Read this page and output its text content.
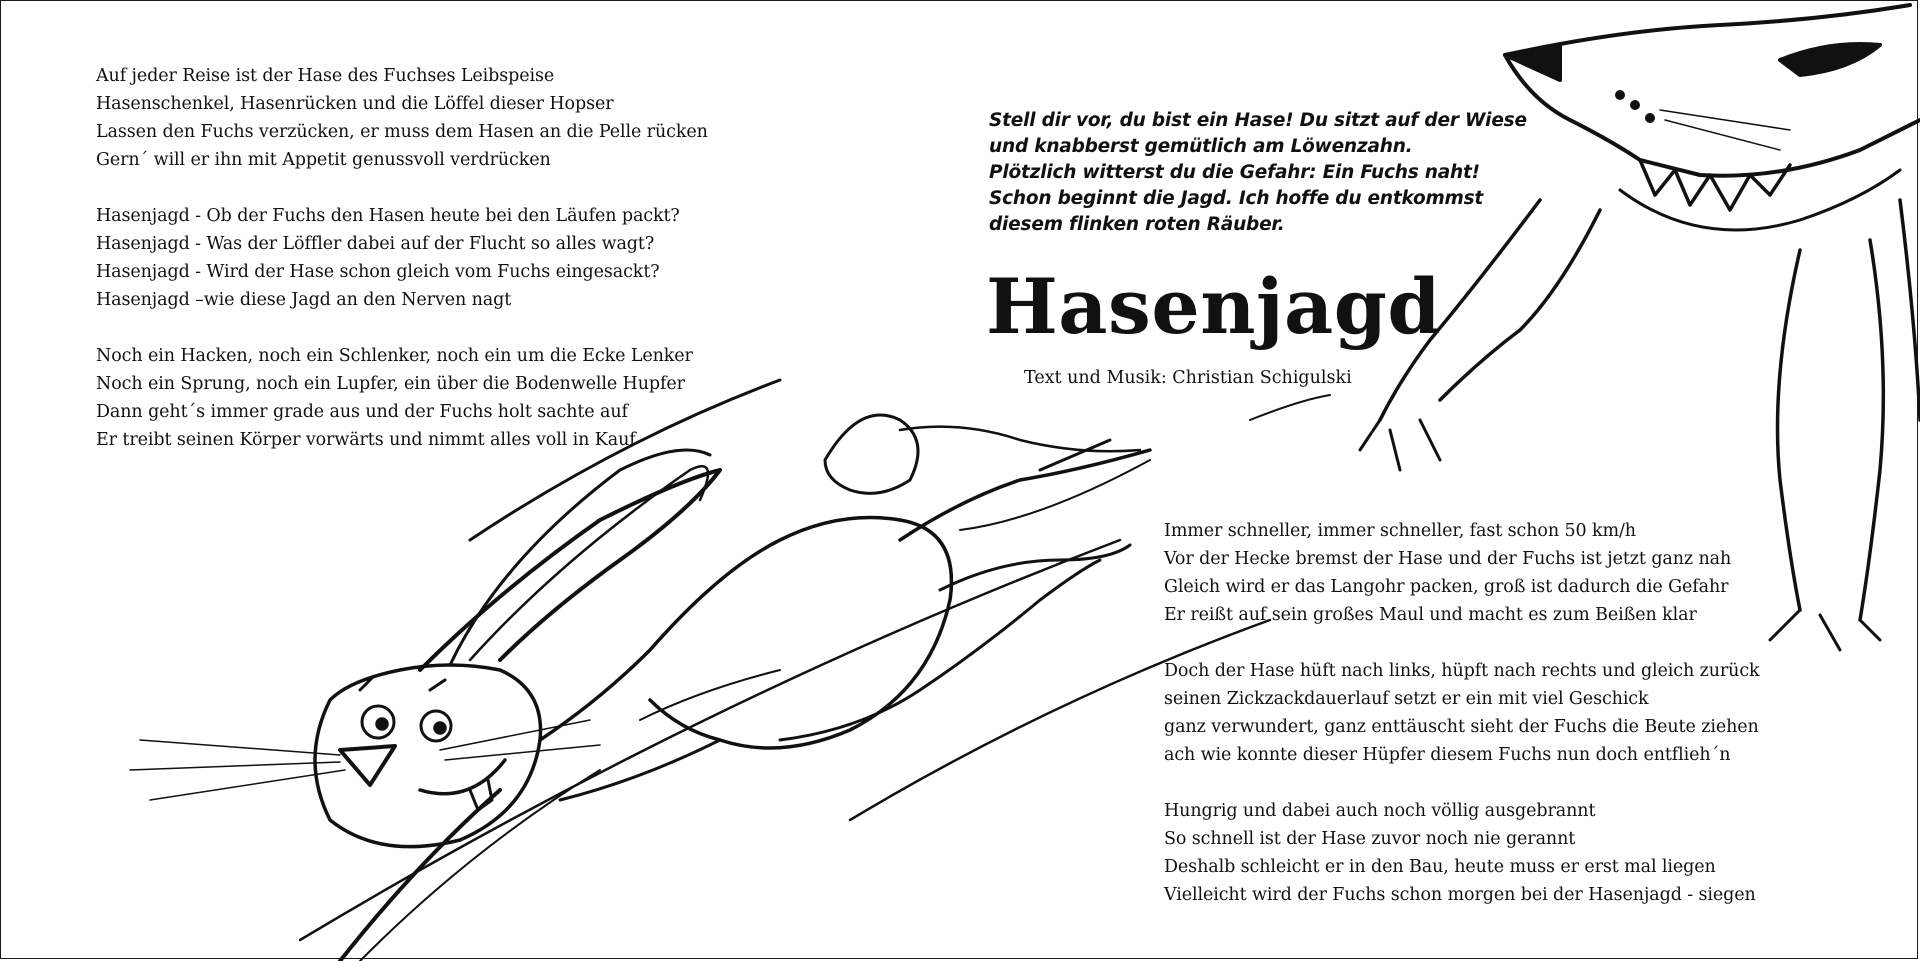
Auf jeder Reise ist der Hase des Fuchses Leibspeise
Hasenschenkel, Hasenrücken und die Löffel dieser Hopser
Lassen den Fuchs verzücken, er muss dem Hasen an die Pelle rücken
Gern´ will er ihn mit Appetit genussvoll verdrücken
Hasenjagd - Ob der Fuchs den Hasen heute bei den Läufen packt?
Hasenjagd - Was der Löffler dabei auf der Flucht so alles wagt?
Hasenjagd - Wird der Hase schon gleich vom Fuchs eingesackt?
Hasenjagd –wie diese Jagd an den Nerven nagt
Noch ein Hacken, noch ein Schlenker, noch ein um die Ecke Lenker
Noch ein Sprung, noch ein Lupfer, ein über die Bodenwelle Hupfer
Dann geht´s immer grade aus und der Fuchs holt sachte auf
Er treibt seinen Körper vorwärts und nimmt alles voll in Kauf
Stell dir vor, du bist ein Hase! Du sitzt auf der Wiese
und knabberst gemütlich am Löwenzahn.
Plötzlich witterst du die Gefahr: Ein Fuchs naht!
Schon beginnt die Jagd. Ich hoffe du entkommst
diesem flinken roten Räuber.
Hasenjagd
Text und Musik: Christian Schigulski
Immer schneller, immer schneller, fast schon 50 km/h
Vor der Hecke bremst der Hase und der Fuchs ist jetzt ganz nah
Gleich wird er das Langohr packen, groß ist dadurch die Gefahr
Er reißt auf sein großes Maul und macht es zum Beißen klar
Doch der Hase hüft nach links, hüpft nach rechts und gleich zurück
seinen Zickzackdauerlauf setzt er ein mit viel Geschick
ganz verwundert, ganz enttäuscht sieht der Fuchs die Beute ziehen
ach wie konnte dieser Hüpfer diesem Fuchs nun doch entflieh´n
Hungrig und dabei auch noch völlig ausgebrannt
So schnell ist der Hase zuvor noch nie gerannt
Deshalb schleicht er in den Bau, heute muss er erst mal liegen
Vielleicht wird der Fuchs schon morgen bei der Hasenjagd - siegen
